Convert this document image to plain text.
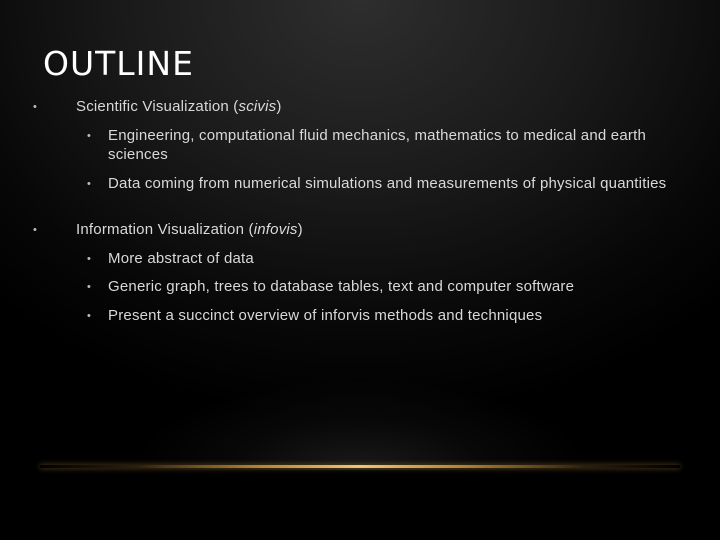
OUTLINE
•	Scientific Visualization (scivis)
• Engineering, computational fluid mechanics, mathematics to medical and earth sciences
• Data coming from numerical simulations and measurements of physical quantities
•	Information Visualization (infovis)
• More abstract of data
• Generic graph, trees to database tables, text and computer software
• Present a succinct overview of inforvis methods and techniques
